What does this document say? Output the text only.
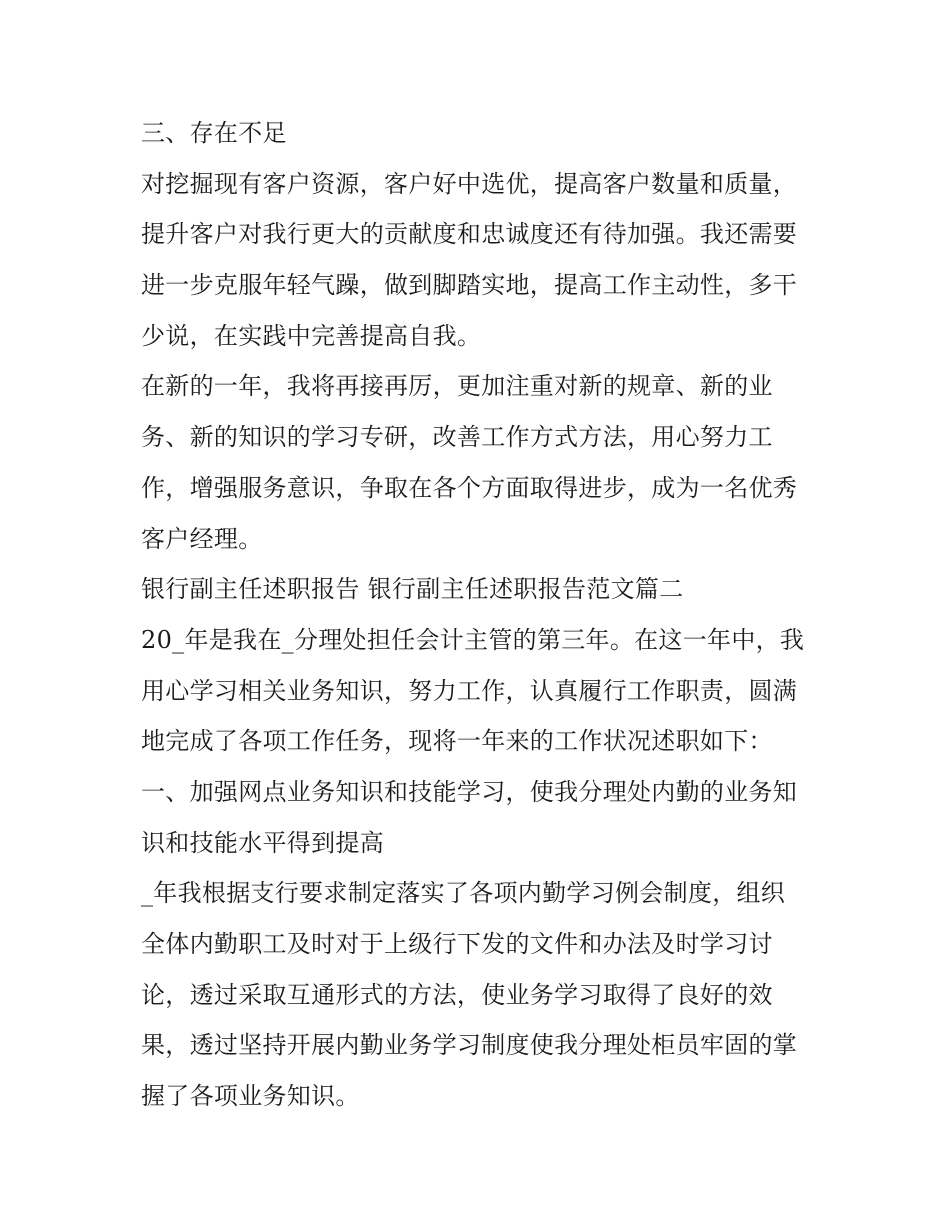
三、存在不足
对挖掘现有客户资源，客户好中选优，提高客户数量和质量，
提升客户对我行更大的贡献度和忠诚度还有待加强。我还需要
进一步克服年轻气躁，做到脚踏实地，提高工作主动性，多干
少说，在实践中完善提高自我。
在新的一年，我将再接再厉，更加注重对新的规章、新的业
务、新的知识的学习专研，改善工作方式方法，用心努力工
作，增强服务意识，争取在各个方面取得进步，成为一名优秀
客户经理。
银行副主任述职报告 银行副主任述职报告范文篇二
20_年是我在_分理处担任会计主管的第三年。在这一年中，我
用心学习相关业务知识，努力工作，认真履行工作职责，圆满
地完成了各项工作任务，现将一年来的工作状况述职如下：
一、加强网点业务知识和技能学习，使我分理处内勤的业务知
识和技能水平得到提高
_年我根据支行要求制定落实了各项内勤学习例会制度，组织
全体内勤职工及时对于上级行下发的文件和办法及时学习讨
论，透过采取互通形式的方法，使业务学习取得了良好的效
果，透过坚持开展内勤业务学习制度使我分理处柜员牢固的掌
握了各项业务知识。
